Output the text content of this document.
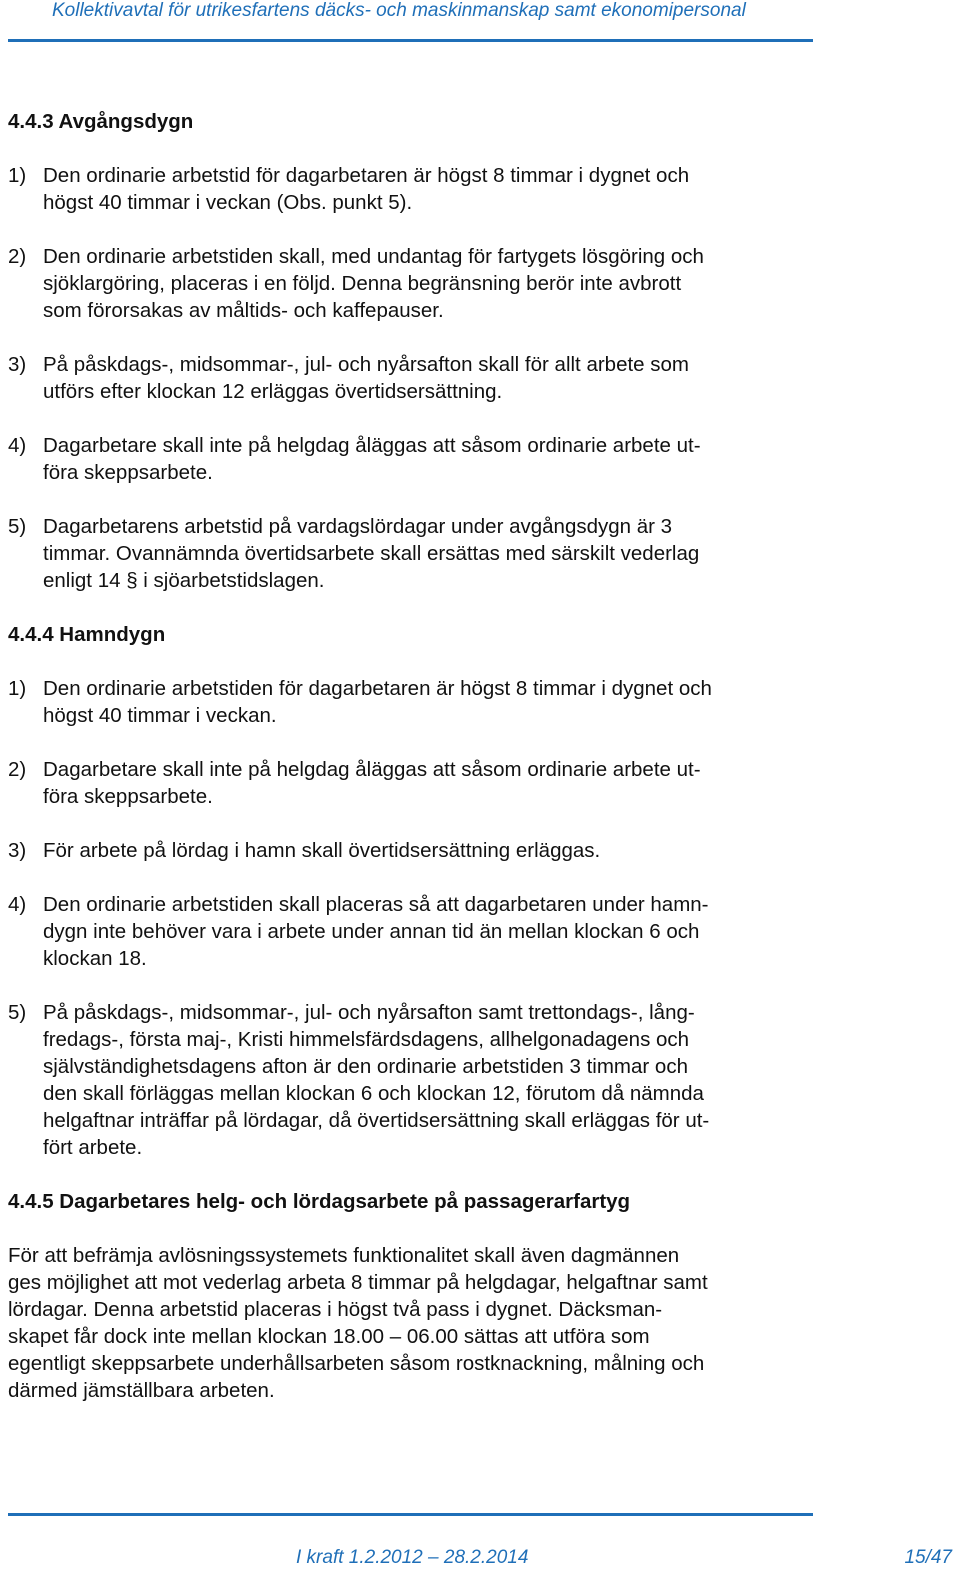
Kollektivavtal för utrikesfartens däcks- och maskinmanskap samt ekonomipersonal
4.4.3 Avgångsdygn
1) Den ordinarie arbetstid för dagarbetaren är högst 8 timmar i dygnet och
högst 40 timmar i veckan (Obs. punkt 5).
2) Den ordinarie arbetstiden skall, med undantag för fartygets lösgöring och
sjöklargöring, placeras i en följd. Denna begränsning berör inte avbrott
som förorsakas av måltids- och kaffepauser.
3) På påskdags-, midsommar-, jul- och nyårsafton skall för allt arbete som
utförs efter klockan 12 erläggas övertidsersättning.
4) Dagarbetare skall inte på helgdag åläggas att såsom ordinarie arbete ut-
föra skeppsarbete.
5) Dagarbetarens arbetstid på vardagslördagar under avgångsdygn är 3
timmar. Ovannämnda övertidsarbete skall ersättas med särskilt vederlag
enligt 14 § i sjöarbetstidslagen.
4.4.4 Hamndygn
1) Den ordinarie arbetstiden för dagarbetaren är högst 8 timmar i dygnet och
högst 40 timmar i veckan.
2) Dagarbetare skall inte på helgdag åläggas att såsom ordinarie arbete ut-
föra skeppsarbete.
3) För arbete på lördag i hamn skall övertidsersättning erläggas.
4) Den ordinarie arbetstiden skall placeras så att dagarbetaren under hamn-
dygn inte behöver vara i arbete under annan tid än mellan klockan 6 och
klockan 18.
5) På påskdags-, midsommar-, jul- och nyårsafton samt trettondags-, lång-
fredags-, första maj-, Kristi himmelsfärdsdagens, allhelgonadagens och
självständighetsdagens afton är den ordinarie arbetstiden 3 timmar och
den skall förläggas mellan klockan 6 och klockan 12, förutom då nämnda
helgaftnar inträffar på lördagar, då övertidsersättning skall erläggas för ut-
fört arbete.
4.4.5 Dagarbetares helg- och lördagsarbete på passagerarfartyg
För att befrämja avlösningssystemets funktionalitet skall även dagmännen
ges möjlighet att mot vederlag arbeta 8 timmar på helgdagar, helgaftnar samt
lördagar. Denna arbetstid placeras i högst två pass i dygnet. Däcksman-
skapet får dock inte mellan klockan 18.00 – 06.00 sättas att utföra som
egentligt skeppsarbete underhållsarbeten såsom rostknackning, målning och
därmed jämställbara arbeten.
I kraft 1.2.2012 – 28.2.2014	15/47
